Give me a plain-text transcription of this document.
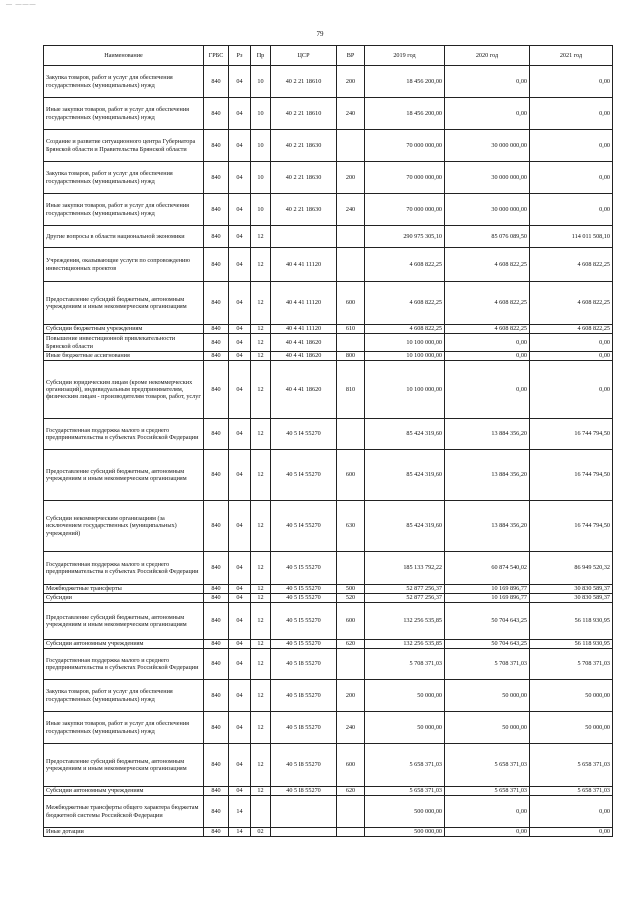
— ———
79
Наименование	ГРБС	Рз	Пр	ЦСР	ВР	2019 год	2020 год	2021 год
Закупка товаров, работ и услуг для обеспечения государственных (муниципальных) нужд	840	04	10	40 2 21 18610	200	18 456 200,00	0,00	0,00
Иные закупки товаров, работ и услуг для обеспечения государственных (муниципальных) нужд	840	04	10	40 2 21 18610	240	18 456 200,00	0,00	0,00
Создание и развитие ситуационного центра Губернатора Брянской области и Правительства Брянской области	840	04	10	40 2 21 18630		70 000 000,00	30 000 000,00	0,00
Закупка товаров, работ и услуг для обеспечения государственных (муниципальных) нужд	840	04	10	40 2 21 18630	200	70 000 000,00	30 000 000,00	0,00
Иные закупки товаров, работ и услуг для обеспечения государственных (муниципальных) нужд	840	04	10	40 2 21 18630	240	70 000 000,00	30 000 000,00	0,00
Другие вопросы в области национальной экономики	840	04	12			290 975 305,10	85 076 089,50	114 011 508,10
Учреждения, оказывающие услуги по сопровождению инвестиционных проектов	840	04	12	40 4 41 11120		4 608 822,25	4 608 822,25	4 608 822,25
Предоставление субсидий бюджетным, автономным учреждениям и иным некоммерческим организациям	840	04	12	40 4 41 11120	600	4 608 822,25	4 608 822,25	4 608 822,25
Субсидии бюджетным учреждениям	840	04	12	40 4 41 11120	610	4 608 822,25	4 608 822,25	4 608 822,25
Повышение инвестиционной привлекательности Брянской области	840	04	12	40 4 41 18620		10 100 000,00	0,00	0,00
Иные бюджетные ассигнования	840	04	12	40 4 41 18620	800	10 100 000,00	0,00	0,00
Субсидии юридическим лицам (кроме некоммерческих организаций), индивидуальным предпринимателям, физическим лицам - производителям товаров, работ, услуг	840	04	12	40 4 41 18620	810	10 100 000,00	0,00	0,00
Государственная поддержка малого и среднего предпринимательства в субъектах Российской Федерации	840	04	12	40 5 I4 55270		85 424 319,60	13 884 356,20	16 744 794,50
Предоставление субсидий бюджетным, автономным учреждениям и иным некоммерческим организациям	840	04	12	40 5 I4 55270	600	85 424 319,60	13 884 356,20	16 744 794,50
Субсидии некоммерческим организациям (за исключением государственных (муниципальных) учреждений)	840	04	12	40 5 I4 55270	630	85 424 319,60	13 884 356,20	16 744 794,50
Государственная поддержка малого и среднего предпринимательства в субъектах Российской Федерации	840	04	12	40 5 I5 55270		185 133 792,22	60 874 540,02	86 949 520,32
Межбюджетные трансферты	840	04	12	40 5 I5 55270	500	52 877 256,37	10 169 896,77	30 830 589,37
Субсидии	840	04	12	40 5 I5 55270	520	52 877 256,37	10 169 896,77	30 830 589,37
Предоставление субсидий бюджетным, автономным учреждениям и иным некоммерческим организациям	840	04	12	40 5 I5 55270	600	132 256 535,85	50 704 643,25	56 118 930,95
Субсидии автономным учреждениям	840	04	12	40 5 I5 55270	620	132 256 535,85	50 704 643,25	56 118 930,95
Государственная поддержка малого и среднего предпринимательства в субъектах Российской Федерации	840	04	12	40 5 I8 55270		5 708 371,03	5 708 371,03	5 708 371,03
Закупка товаров, работ и услуг для обеспечения государственных (муниципальных) нужд	840	04	12	40 5 I8 55270	200	50 000,00	50 000,00	50 000,00
Иные закупки товаров, работ и услуг для обеспечения государственных (муниципальных) нужд	840	04	12	40 5 I8 55270	240	50 000,00	50 000,00	50 000,00
Предоставление субсидий бюджетным, автономным учреждениям и иным некоммерческим организациям	840	04	12	40 5 I8 55270	600	5 658 371,03	5 658 371,03	5 658 371,03
Субсидии автономным учреждениям	840	04	12	40 5 I8 55270	620	5 658 371,03	5 658 371,03	5 658 371,03
Межбюджетные трансферты общего характера бюджетам бюджетной системы Российской Федерации	840	14				500 000,00	0,00	0,00
Иные дотации	840	14	02			500 000,00	0,00	0,00
